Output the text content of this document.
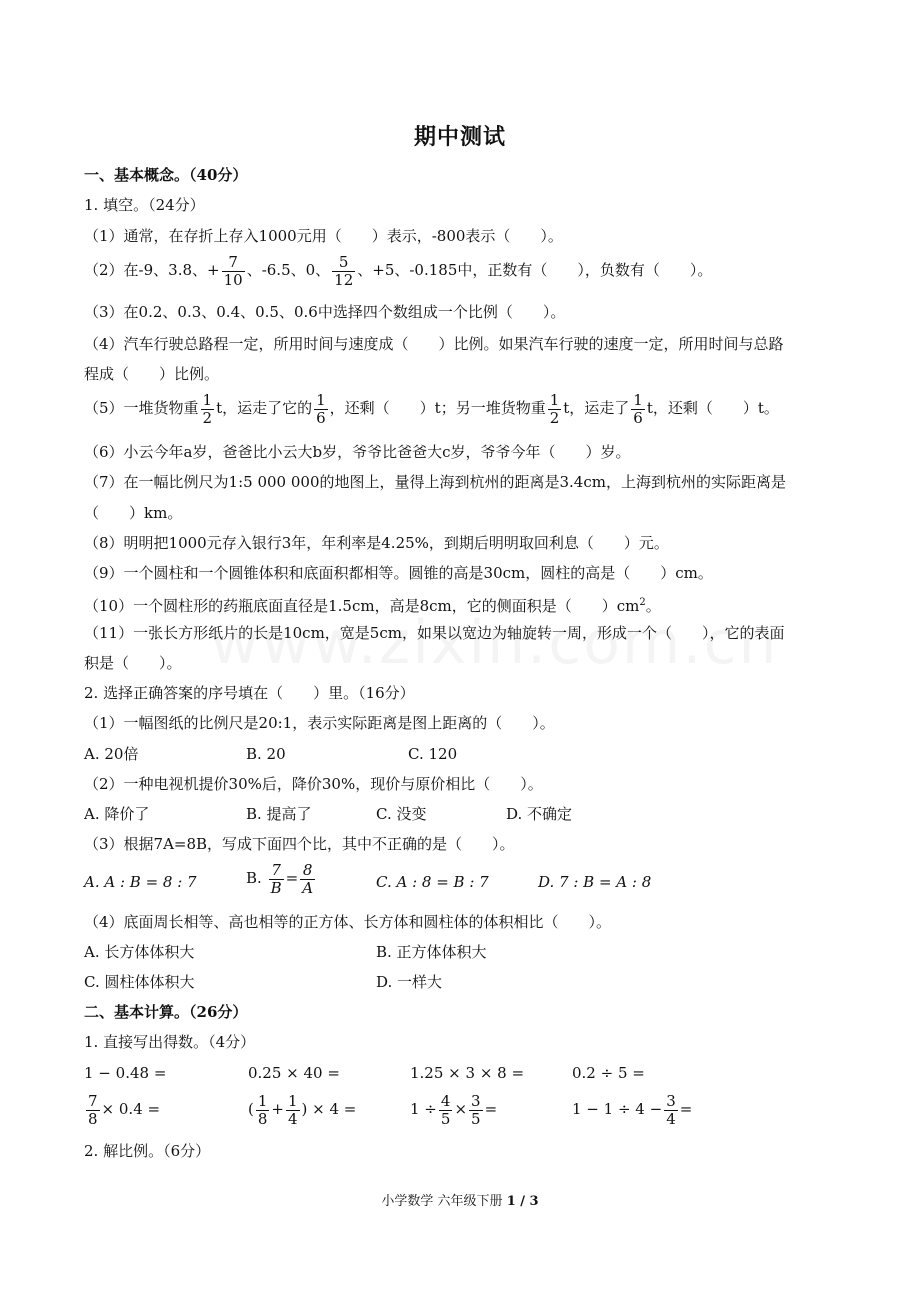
期中测试
一、基本概念。（40分）
1. 填空。（24分）
（1）通常，在存折上存入1000元用（　　）表示，-800表示（　　）。
（2）在-9、3.8、+ $\frac{7}{10}$ 、-6.5、0、 $\frac{5}{12}$ 、+5、-0.185中，正数有（　　），负数有（　　）。
（3）在0.2、0.3、0.4、0.5、0.6中选择四个数组成一个比例（　　）。
（4）汽车行驶总路程一定，所用时间与速度成（　　）比例。如果汽车行驶的速度一定，所用时间与总路
程成（　　）比例。
（5）一堆货物重 $\frac{1}{2}$ t，运走了它的 $\frac{1}{6}$ ，还剩（　　）t；另一堆货物重 $\frac{1}{2}$ t，运走了 $\frac{1}{6}$ t，还剩（　　）t。
（6）小云今年a岁，爸爸比小云大b岁，爷爷比爸爸大c岁，爷爷今年（　　）岁。
（7）在一幅比例尺为1:5 000 000的地图上，量得上海到杭州的距离是3.4cm，上海到杭州的实际距离是
（　　）km。
（8）明明把1000元存入银行3年，年利率是4.25%，到期后明明取回利息（　　）元。
（9）一个圆柱和一个圆锥体积和底面积都相等。圆锥的高是30cm，圆柱的高是（　　）cm。
（10）一个圆柱形的药瓶底面直径是1.5cm，高是8cm，它的侧面积是（　　）$cm^2$。
（11）一张长方形纸片的长是10cm，宽是5cm，如果以宽边为轴旋转一周，形成一个（　　），它的表面
积是（　　）。
2. 选择正确答案的序号填在（　　）里。（16分）
（1）一幅图纸的比例尺是20:1，表示实际距离是图上距离的（　　）。
A. 20倍	B. 20	C. 120
（2）一种电视机提价30%后，降价30%，现价与原价相比（　　）。
A. 降价了	B. 提高了	C. 没变	D. 不确定
（3）根据7A=8B，写成下面四个比，其中不正确的是（　　）。
A. A : B = 8 : 7	B. $\frac{7}{B} = \frac{8}{A}$	C. A : 8 = B : 7	D. 7 : B = A : 8
（4）底面周长相等、高也相等的正方体、长方体和圆柱体的体积相比（　　）。
A. 长方体体积大	B. 正方体体积大
C. 圆柱体体积大	D. 一样大
二、基本计算。（26分）
1. 直接写出得数。（4分）
1 − 0.48 =	0.25 × 40 =	1.25 × 3 × 8 =	0.2 ÷ 5 =
$\frac{7}{8} \times 0.4$ =	( $\frac{1}{8} + \frac{1}{4}$ ) × 4 =	$1 \div \frac{4}{5} \times \frac{3}{5}$ =	$1 - 1 \div 4 - \frac{3}{4}$ =
2. 解比例。（6分）
小学数学 六年级下册 1 / 3
